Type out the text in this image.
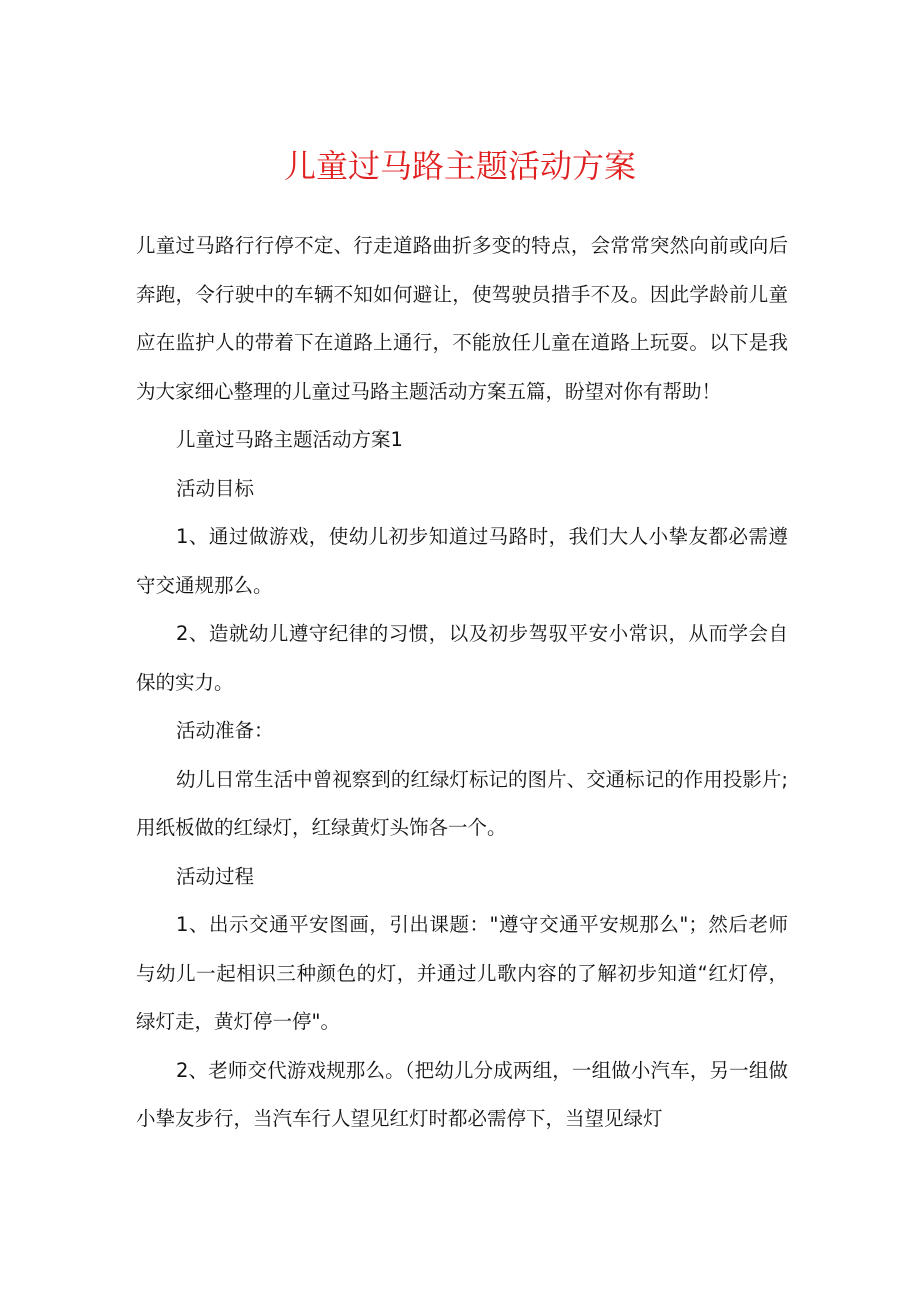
儿童过马路主题活动方案

儿童过马路行行停不定、行走道路曲折多变的特点，会常常突然向前或向后奔跑，令行驶中的车辆不知如何避让，使驾驶员措手不及。因此学龄前儿童应在监护人的带着下在道路上通行，不能放任儿童在道路上玩耍。以下是我为大家细心整理的儿童过马路主题活动方案五篇，盼望对你有帮助！

儿童过马路主题活动方案1

活动目标

1、通过做游戏，使幼儿初步知道过马路时，我们大人小挚友都必需遵守交通规那么。

2、造就幼儿遵守纪律的习惯，以及初步驾驭平安小常识，从而学会自保的实力。

活动准备：

幼儿日常生活中曾视察到的红绿灯标记的图片、交通标记的作用投影片;用纸板做的红绿灯，红绿黄灯头饰各一个。

活动过程

1、出示交通平安图画，引出课题："遵守交通平安规那么"；然后老师与幼儿一起相识三种颜色的灯，并通过儿歌内容的了解初步知道“红灯停，绿灯走，黄灯停一停"。

2、老师交代游戏规那么。（把幼儿分成两组，一组做小汽车，另一组做小挚友步行，当汽车行人望见红灯时都必需停下，当望见绿灯
